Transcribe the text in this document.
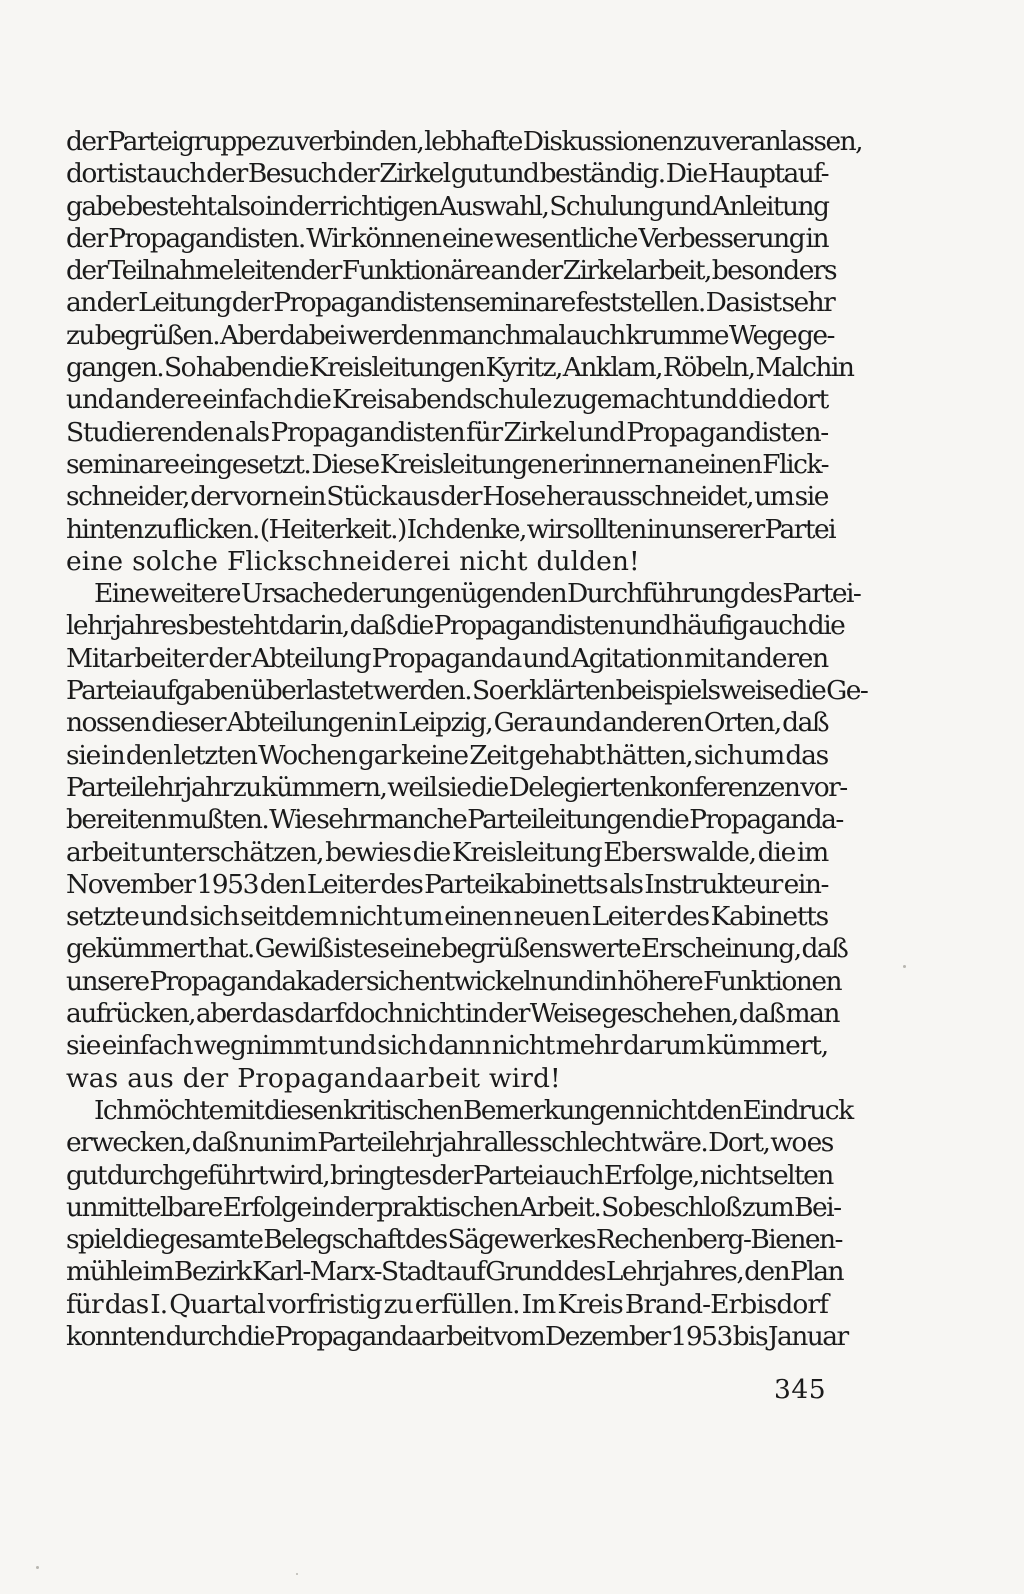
der Parteigruppe zu verbinden, lebhafte Diskussionen zu veranlassen,
dort ist auch der Besuch der Zirkel gut und beständig. Die Hauptauf-
gabe besteht also in der richtigen Auswahl, Schulung und Anleitung
der Propagandisten. Wir können eine wesentliche Verbesserung in
der Teilnahme leitender Funktionäre an der Zirkelarbeit, besonders
an der Leitung der Propagandistenseminare feststellen. Das ist sehr
zu begrüßen. Aber dabei werden manchmal auch krumme Wege ge-
gangen. So haben die Kreisleitungen Kyritz, Anklam, Röbeln, Malchin
und andere einfach die Kreisabendschule zugemacht und die dort
Studierenden als Propagandisten für Zirkel und Propagandisten-
seminare eingesetzt. Diese Kreisleitungen erinnern an einen Flick-
schneider, der vorn ein Stück aus der Hose herausschneidet, um sie
hinten zu flicken. (Heiterkeit.) Ich denke, wir sollten in unserer Partei
eine solche Flickschneiderei nicht dulden!
Eine weitere Ursache der ungenügenden Durchführung des Partei-
lehrjahres besteht darin, daß die Propagandisten und häufig auch die
Mitarbeiter der Abteilung Propaganda und Agitation mit anderen
Parteiaufgaben überlastet werden. So erklärten beispielsweise die Ge-
nossen dieser Abteilungen in Leipzig, Gera und anderen Orten, daß
sie in den letzten Wochen gar keine Zeit gehabt hätten, sich um das
Parteilehrjahr zu kümmern, weil sie die Delegiertenkonferenzen vor-
bereiten mußten. Wie sehr manche Parteileitungen die Propaganda-
arbeit unterschätzen, bewies die Kreisleitung Eberswalde, die im
November 1953 den Leiter des Parteikabinetts als Instrukteur ein-
setzte und sich seitdem nicht um einen neuen Leiter des Kabinetts
gekümmert hat. Gewiß ist es eine begrüßenswerte Erscheinung, daß
unsere Propagandakader sich entwickeln und in höhere Funktionen
aufrücken, aber das darf doch nicht in der Weise geschehen, daß man
sie einfach wegnimmt und sich dann nicht mehr darum kümmert,
was aus der Propagandaarbeit wird!
Ich möchte mit diesen kritischen Bemerkungen nicht den Eindruck
erwecken, daß nun im Parteilehrjahr alles schlecht wäre. Dort, wo es
gut durchgeführt wird, bringt es der Partei auch Erfolge, nicht selten
unmittelbare Erfolge in der praktischen Arbeit. So beschloß zum Bei-
spiel die gesamte Belegschaft des Sägewerkes Rechenberg-Bienen-
mühle im Bezirk Karl-Marx-Stadt auf Grund des Lehrjahres, den Plan
für das I. Quartal vorfristig zu erfüllen. Im Kreis Brand-Erbisdorf
konnten durch die Propagandaarbeit vom Dezember 1953 bis Januar
345
